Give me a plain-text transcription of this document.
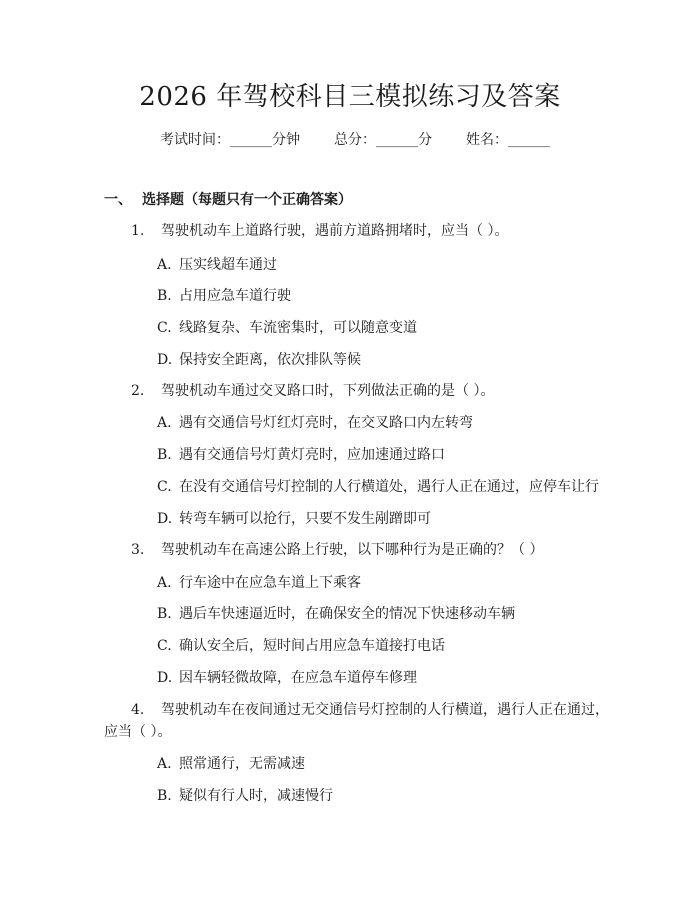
2026 年驾校科目三模拟练习及答案
考试时间：______分钟 总分：______分 姓名：______
一、 选择题（每题只有一个正确答案）
1. 驾驶机动车上道路行驶，遇前方道路拥堵时，应当（ ）。
A. 压实线超车通过
B. 占用应急车道行驶
C. 线路复杂、车流密集时，可以随意变道
D. 保持安全距离，依次排队等候
2. 驾驶机动车通过交叉路口时，下列做法正确的是（ ）。
A. 遇有交通信号灯红灯亮时，在交叉路口内左转弯
B. 遇有交通信号灯黄灯亮时，应加速通过路口
C. 在没有交通信号灯控制的人行横道处，遇行人正在通过，应停车让行
D. 转弯车辆可以抢行，只要不发生剐蹭即可
3. 驾驶机动车在高速公路上行驶，以下哪种行为是正确的？（ ）
A. 行车途中在应急车道上下乘客
B. 遇后车快速逼近时，在确保安全的情况下快速移动车辆
C. 确认安全后，短时间占用应急车道接打电话
D. 因车辆轻微故障，在应急车道停车修理
4. 驾驶机动车在夜间通过无交通信号灯控制的人行横道，遇行人正在通过，
应当（ ）。
A. 照常通行，无需减速
B. 疑似有行人时，减速慢行
